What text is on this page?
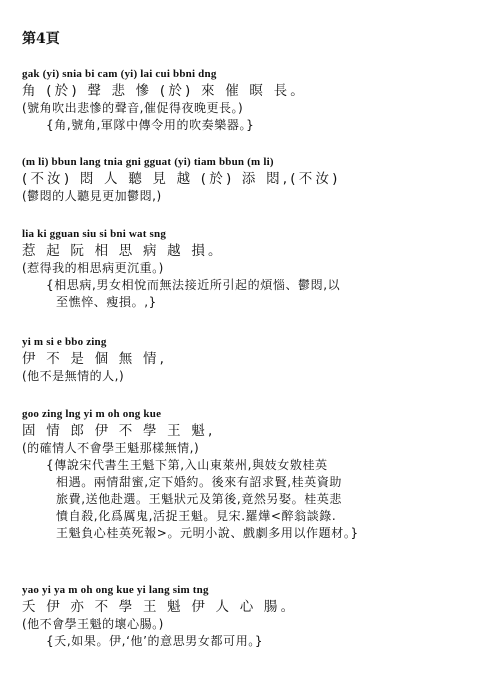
第4頁
gak (yi) snia bi cam (yi) lai cui bbni dng
角 (於) 聲 悲 慘 (於) 來 催 暝 長。
(號角吹出悲慘的聲音,催促得夜晚更長。)
{角,號角,軍隊中傳令用的吹奏樂器。}
(m li) bbun lang tnia gni gguat (yi) tiam bbun (m li)
(不汝) 悶 人 聽 見 越 (於) 添 悶,(不汝)
(鬱悶的人聽見更加鬱悶,)
lia ki gguan siu si bni wat sng
惹 起 阮 相 思 病 越 損。
(惹得我的相思病更沉重。)
{相思病,男女相悅而無法接近所引起的煩惱、鬱悶,以
至憔悴、瘦損。,}
yi m si e bbo zing
伊 不 是 個 無 情,
(他不是無情的人,)
goo zing lng yi m oh ong kue
固 情 郎 伊 不 學 王 魁,
(的確情人不會學王魁那樣無情,)
{傳說宋代書生王魁下第,入山東萊州,與妓女敫桂英
相遇。兩情甜蜜,定下婚約。後來有詔求賢,桂英資助
旅費,送他赴選。王魁狀元及第後,竟然另娶。桂英悲
憤自殺,化爲厲鬼,活捉王魁。見宋.羅燁<醉翁談錄.
王魁負心桂英死報>。元明小說、戲劇多用以作題材。}
yao yi ya m oh ong kue yi lang sim tng
夭 伊 亦 不 學 王 魁 伊 人 心 腸。
(他不會學王魁的壞心腸。)
{夭,如果。伊,‘他’的意思男女都可用。}
